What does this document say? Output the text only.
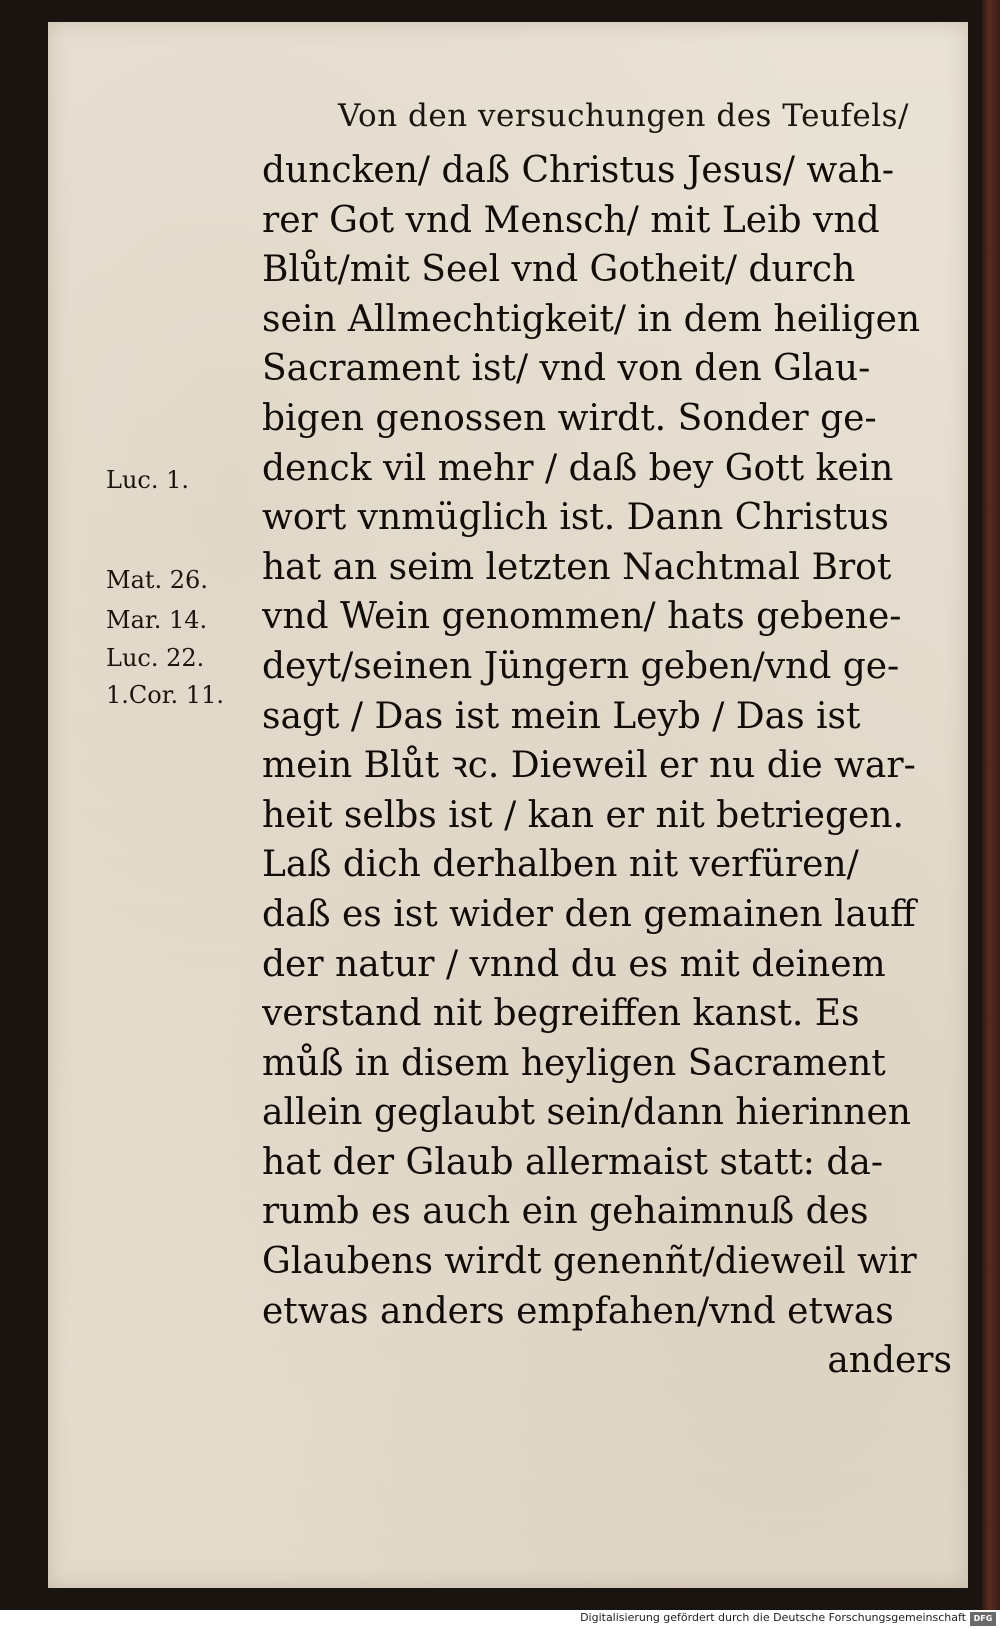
Von den versuchungen des Teufels/
Luc. 1.
Mat. 26.
Mar. 14.
Luc. 22.
1.Cor. 11.
duncken/ daß Christus Jesus/ wah-
rer Got vnd Mensch/ mit Leib vnd
Blůt/mit Seel vnd Gotheit/ durch
sein Allmechtigkeit/ in dem heiligen
Sacrament ist/ vnd von den Glau-
bigen genossen wirdt. Sonder ge-
denck vil mehr / daß bey Gott kein
wort vnmüglich ist. Dann Christus
hat an seim letzten Nachtmal Brot
vnd Wein genommen/ hats gebene-
deyt/seinen Jüngern geben/vnd ge-
sagt / Das ist mein Leyb / Das ist
mein Blůt ꝛc. Dieweil er nu die war-
heit selbs ist / kan er nit betriegen.
Laß dich derhalben nit verfüren/
daß es ist wider den gemainen lauff
der natur / vnnd du es mit deinem
verstand nit begreiffen kanst. Es
můß in disem heyligen Sacrament
allein geglaubt sein/dann hierinnen
hat der Glaub allermaist statt: da-
rumb es auch ein gehaimnuß des
Glaubens wirdt genenñt/dieweil wir
etwas anders empfahen/vnd etwas
anders
Digitalisierung gefördert durch die Deutsche Forschungsgemeinschaft DFG
